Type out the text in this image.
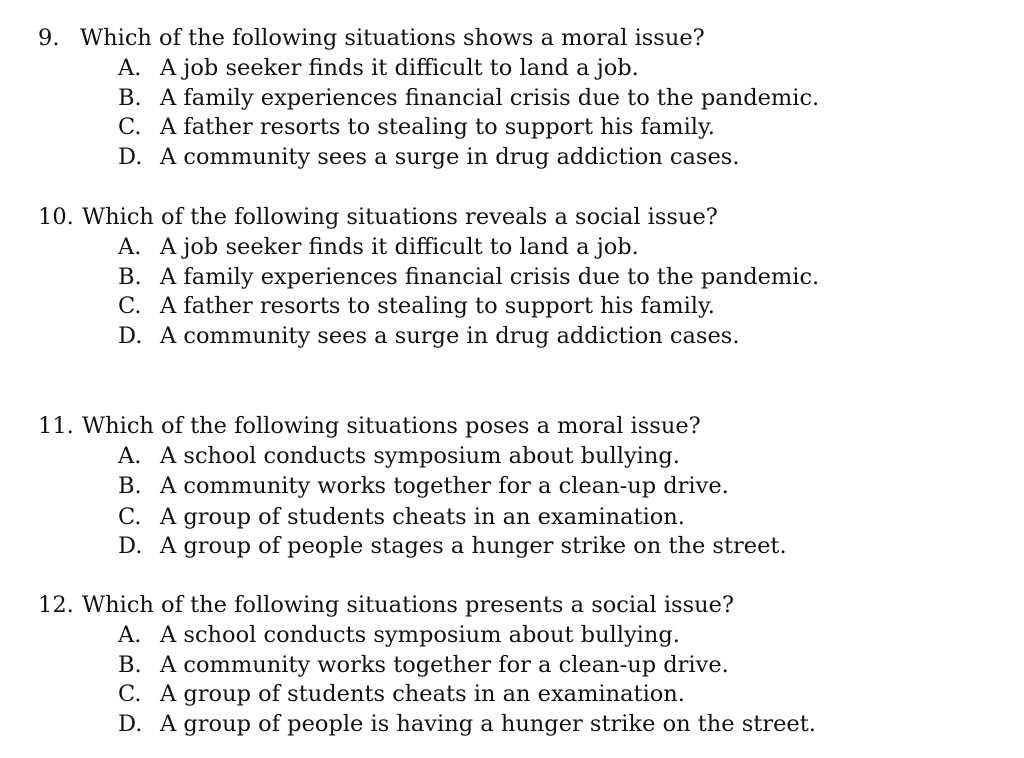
9. Which of the following situations shows a moral issue?
A. A job seeker finds it difficult to land a job.
B. A family experiences financial crisis due to the pandemic.
C. A father resorts to stealing to support his family.
D. A community sees a surge in drug addiction cases.
10. Which of the following situations reveals a social issue?
A. A job seeker finds it difficult to land a job.
B. A family experiences financial crisis due to the pandemic.
C. A father resorts to stealing to support his family.
D. A community sees a surge in drug addiction cases.
11. Which of the following situations poses a moral issue?
A. A school conducts symposium about bullying.
B. A community works together for a clean-up drive.
C. A group of students cheats in an examination.
D. A group of people stages a hunger strike on the street.
12. Which of the following situations presents a social issue?
A. A school conducts symposium about bullying.
B. A community works together for a clean-up drive.
C. A group of students cheats in an examination.
D. A group of people is having a hunger strike on the street.
